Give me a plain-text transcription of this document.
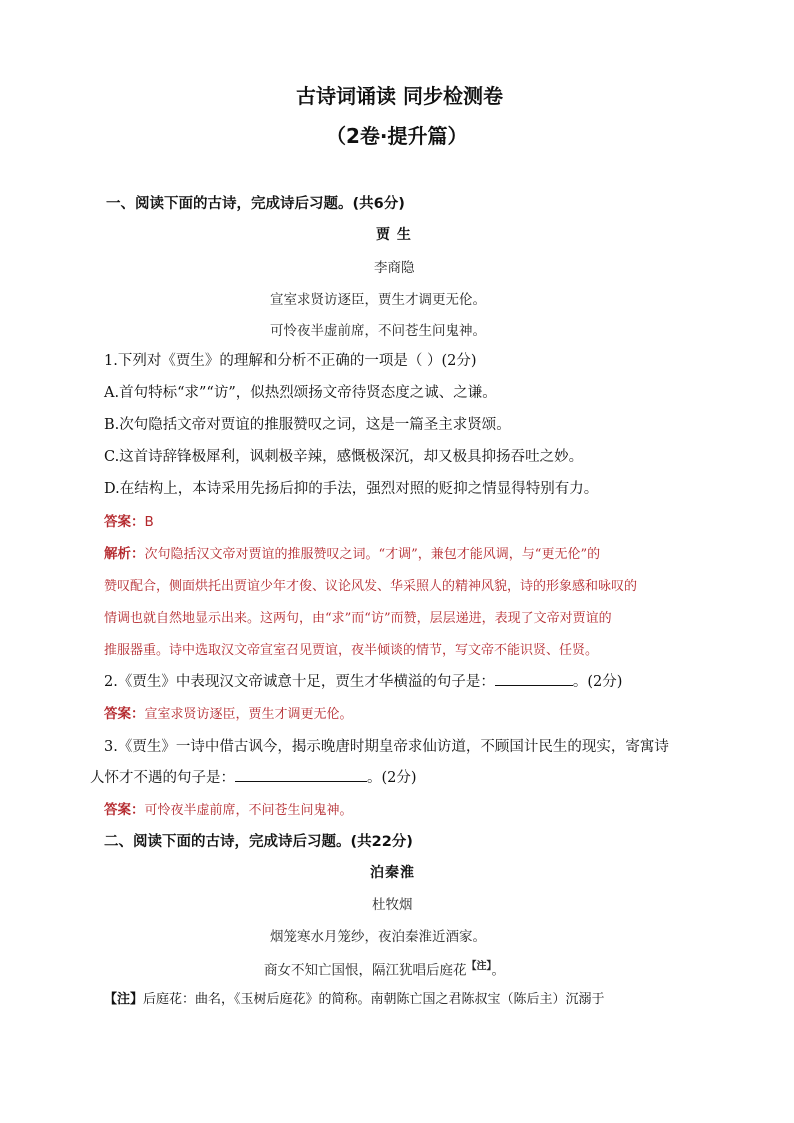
古诗词诵读 同步检测卷
（2卷·提升篇）
一、阅读下面的古诗，完成诗后习题。(共6分)
贾 生
李商隐
宣室求贤访逐臣，贾生才调更无伦。
可怜夜半虚前席，不问苍生问鬼神。
1.下列对《贾生》的理解和分析不正确的一项是（ ）(2分)
A.首句特标“求”“访”，似热烈颂扬文帝待贤态度之诚、之谦。
B.次句隐括文帝对贾谊的推服赞叹之词，这是一篇圣主求贤颂。
C.这首诗辞锋极犀利，讽刺极辛辣，感慨极深沉，却又极具抑扬吞吐之妙。
D.在结构上，本诗采用先扬后抑的手法，强烈对照的贬抑之情显得特别有力。
答案：B
解析：次句隐括汉文帝对贾谊的推服赞叹之词。“才调”，兼包才能风调，与“更无伦”的
赞叹配合，侧面烘托出贾谊少年才俊、议论风发、华采照人的精神风貌，诗的形象感和咏叹的
情调也就自然地显示出来。这两句，由“求”而“访”而赞，层层递进，表现了文帝对贾谊的
推服器重。诗中选取汉文帝宣室召见贾谊，夜半倾谈的情节，写文帝不能识贤、任贤。
2.《贾生》中表现汉文帝诚意十足，贾生才华横溢的句子是：	。(2分)
答案：宣室求贤访逐臣，贾生才调更无伦。
3.《贾生》一诗中借古讽今，揭示晚唐时期皇帝求仙访道，不顾国计民生的现实，寄寓诗
人怀才不遇的句子是：	。(2分)
答案：可怜夜半虚前席，不问苍生问鬼神。
二、阅读下面的古诗，完成诗后习题。(共22分)
泊秦淮
杜牧烟
烟笼寒水月笼纱，夜泊秦淮近酒家。
商女不知亡国恨，隔江犹唱后庭花$^{【注】}$。
【注】后庭花：曲名，《玉树后庭花》的简称。南朝陈亡国之君陈叔宝（陈后主）沉溺于
